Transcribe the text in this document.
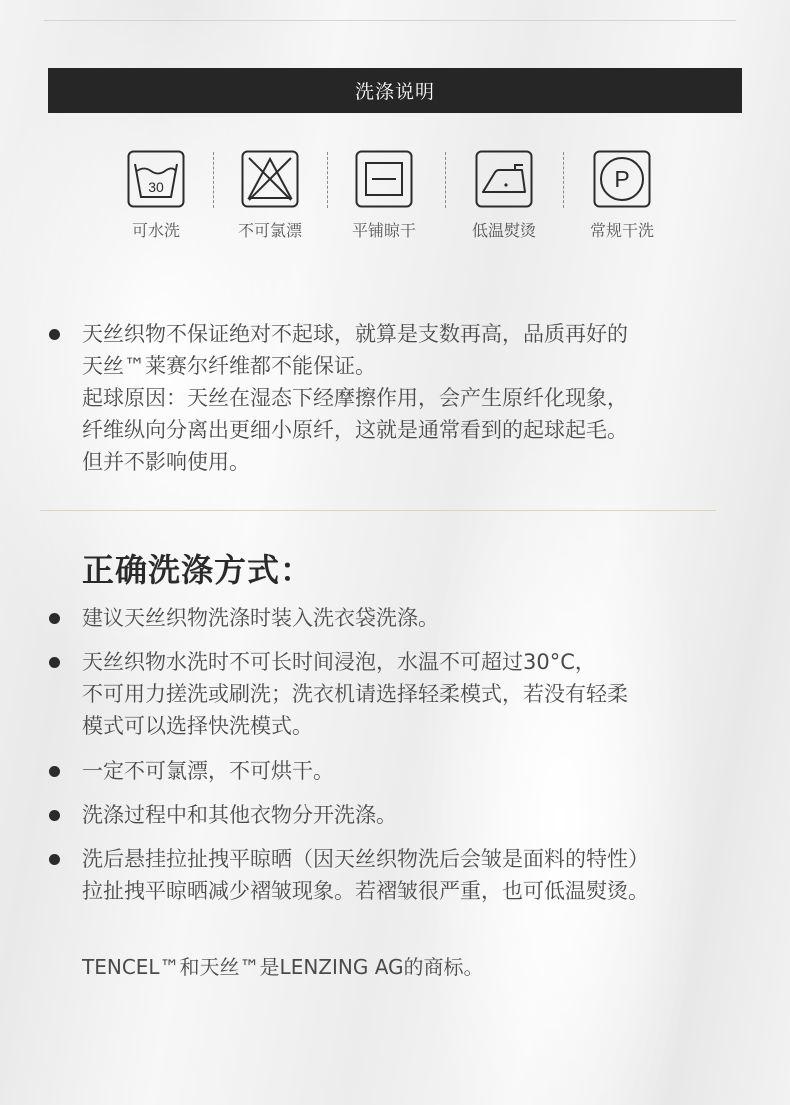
洗涤说明
30
可水洗	不可氯漂	平铺晾干	低温熨烫
P
常规干洗
天丝织物不保证绝对不起球，就算是支数再高，品质再好的
天丝™莱赛尔纤维都不能保证。
起球原因：天丝在湿态下经摩擦作用，会产生原纤化现象，
纤维纵向分离出更细小原纤，这就是通常看到的起球起毛。
但并不影响使用。
正确洗涤方式：
建议天丝织物洗涤时装入洗衣袋洗涤。
天丝织物水洗时不可长时间浸泡，水温不可超过30°C，
不可用力搓洗或刷洗；洗衣机请选择轻柔模式，若没有轻柔
模式可以选择快洗模式。
一定不可氯漂，不可烘干。
洗涤过程中和其他衣物分开洗涤。
洗后悬挂拉扯拽平晾晒（因天丝织物洗后会皱是面料的特性）
拉扯拽平晾晒减少褶皱现象。若褶皱很严重，也可低温熨烫。
TENCEL™和天丝™是LENZING AG的商标。
